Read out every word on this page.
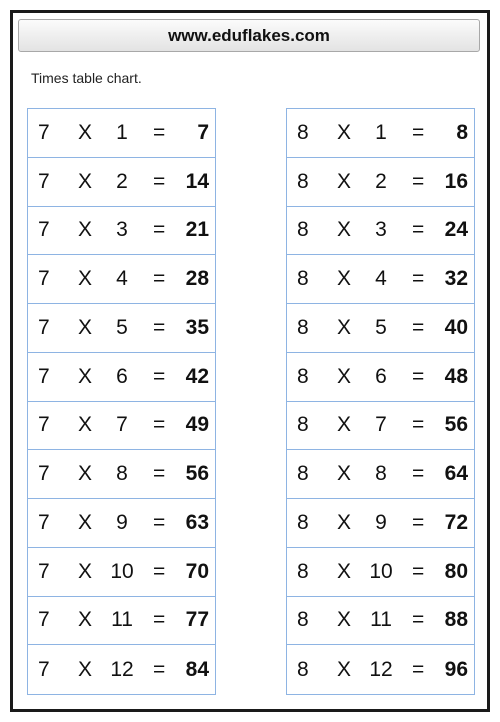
www.eduflakes.com
Times table chart.
7 X	1	= 7
7 X	2	= 14
7 X	3	= 21
7 X	4	= 28
7 X	5	= 35
7 X	6	= 42
7 X	7	= 49
7 X	8	= 56
7 X	9	= 63
7 X 10 = 70
7 X 11 = 77
7 X 12 = 84
8 X	1	= 8
8 X	2	= 16
8 X	3	= 24
8 X	4	= 32
8 X	5	= 40
8 X	6	= 48
8 X	7	= 56
8 X	8	= 64
8 X	9	= 72
8 X 10 = 80
8 X 11 = 88
8 X 12 = 96
